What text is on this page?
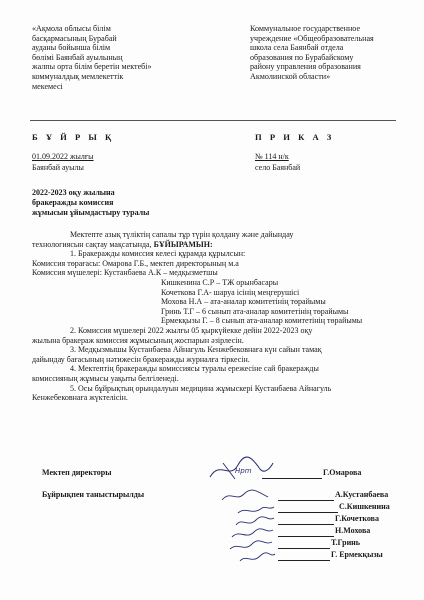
«Ақмола облысы білім
басқармасының Бурабай
ауданы бойынша білім
бөлімі Баянбай ауылының
жалпы орта білім беретін мектебі»
коммуналдық мемлекеттік
мекемесі
Коммунальное государственное
учреждение «Общеобразовательная
школа села Баянбай отдела
образования по Бурабайскому
району управления образования
Акмолинской области»
Б Ұ Й Р Ы Қ	П Р И К А З
01.09.2022 жылғы
Баянбай ауылы
№ 114 н/к
село Баянбай
2022-2023 оқу жылына
бракеражды комиссия
жұмысын ұйымдастыру туралы
Мектепте азық түліктің сапалы тұр түрін қолдану және дайындау
технологиясын сақтау мақсатында, БҰЙЫРАМЫН:
1. Бракеражды комиссия келесі құрамда құрылсын:
Комиссия төрағасы: Омарова Г.Б., мектеп директорының м.а
Комиссия мүшелері: Кустанбаева А.К – медқызметшы
Кишкенина С.Р – ТЖ орынбасары
Кочеткова Г.А- шаруа ісінің меңгерушісі
Мохова Н.А – ата-аналар комитетінің төрайымы
Гринь Т.Г – 6 сынып ата-аналар комитетінің төрайымы
Ермекқызы Г. – 8 сынып ата-аналар комитетінің төрайымы
2. Комиссия мүшелері 2022 жылғы 05 қыркүйекке дейін 2022-2023 оқу
жылына бракераж комиссия жұмысының жоспарын әзірлесін.
3. Медқызмышы Кустанбаева Айнагуль Кенжебековнаға күн сайын тамақ
дайындау бағасының нәтижесін бракеражды журналға тіркесін.
4. Мектептің бракеражды комиссиясы туралы ережесіне сай бракеражды
комиссияның жұмысы уақыты белгіленеді.
5. Осы бұйрықтың орындалуын медицина жұмыскері Кустанбаева Айнагуль
Кенжебековнаға жүктелісін.
Мектеп директоры	Г.Омарова
Hpm
Бұйрықпен таныстырылды	А.Кустанбаева
С.Кишкенина
Г.Кочеткова
Н.Мохова
Т.Гринь
Г. Ермекқызы
